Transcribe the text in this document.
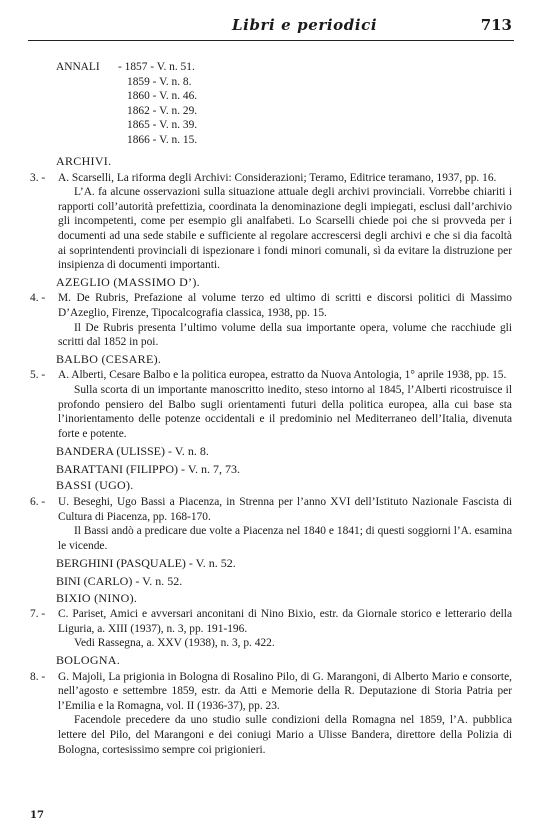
Libri e periodici	713
ANNALI - 1857 - V. n. 51.
1859 - V. n. 8.
1860 - V. n. 46.
1862 - V. n. 29.
1865 - V. n. 39.
1866 - V. n. 15.
ARCHIVI.
3. -	A. Scarselli, La riforma degli Archivi: Considerazioni; Teramo, Editrice teramano, 1937, pp. 16.

L’A. fa alcune osservazioni sulla situazione attuale degli archivi provinciali. Vorrebbe chiariti i rapporti coll’autorità prefettizia, coordinata la denominazione degli impiegati, esclusi dall’archivio gli incompetenti, come per esempio gli analfabeti. Lo Scarselli chiede poi che si provveda per i documenti ad una sede stabile e sufficiente al regolare accrescersi degli archivi e che si dia facoltà ai soprintendenti provinciali di ispezionare i fondi minori comunali, sì da evitare la distruzione per insipienza di documenti importanti.

AZEGLIO (MASSIMO D’).
4. -	M. De Rubris, Prefazione al volume terzo ed ultimo di scritti e discorsi politici di Massimo D’Azeglio, Firenze, Tipocalcografia classica, 1938, pp. 15.

Il De Rubris presenta l’ultimo volume della sua importante opera, volume che racchiude gli scritti dal 1852 in poi.

BALBO (CESARE).
5. -	A. Alberti, Cesare Balbo e la politica europea, estratto da Nuova Antologia, 1° aprile 1938, pp. 15.

Sulla scorta di un importante manoscritto inedito, steso intorno al 1845, l’Alberti ricostruisce il profondo pensiero del Balbo sugli orientamenti futuri della politica europea, alla cui base sta l’inorientamento delle potenze occidentali e il predominio nel Mediterraneo dell’Italia, divenuta forte e potente.

BANDERA (ULISSE) - V. n. 8.
BARATTANI (FILIPPO) - V. n. 7, 73.
BASSI (UGO).
6. -	U. Beseghi, Ugo Bassi a Piacenza, in Strenna per l’anno XVI dell’Istituto Nazionale Fascista di Cultura di Piacenza, pp. 168-170.

Il Bassi andò a predicare due volte a Piacenza nel 1840 e 1841; di questi soggiorni l’A. esamina le vicende.

BERGHINI (PASQUALE) - V. n. 52.
BINI (CARLO) - V. n. 52.
BIXIO (NINO).
7. -	C. Pariset, Amici e avversari anconitani di Nino Bixio, estr. da Giornale storico e letterario della Liguria, a. XIII (1937), n. 3, pp. 191-196.

Vedi Rassegna, a. XXV (1938), n. 3, p. 422.

BOLOGNA.
8. -	G. Majoli, La prigionia in Bologna di Rosalino Pilo, di G. Marangoni, di Alberto Mario e consorte, nell’agosto e settembre 1859, estr. da Atti e Memorie della R. Deputazione di Storia Patria per l’Emilia e la Romagna, vol. II (1936-37), pp. 23.

Facendole precedere da uno studio sulle condizioni della Romagna nel 1859, l’A. pubblica lettere del Pilo, del Marangoni e dei coniugi Mario a Ulisse Bandera, direttore della Polizia di Bologna, cortesissimo sempre coi prigionieri.

17
